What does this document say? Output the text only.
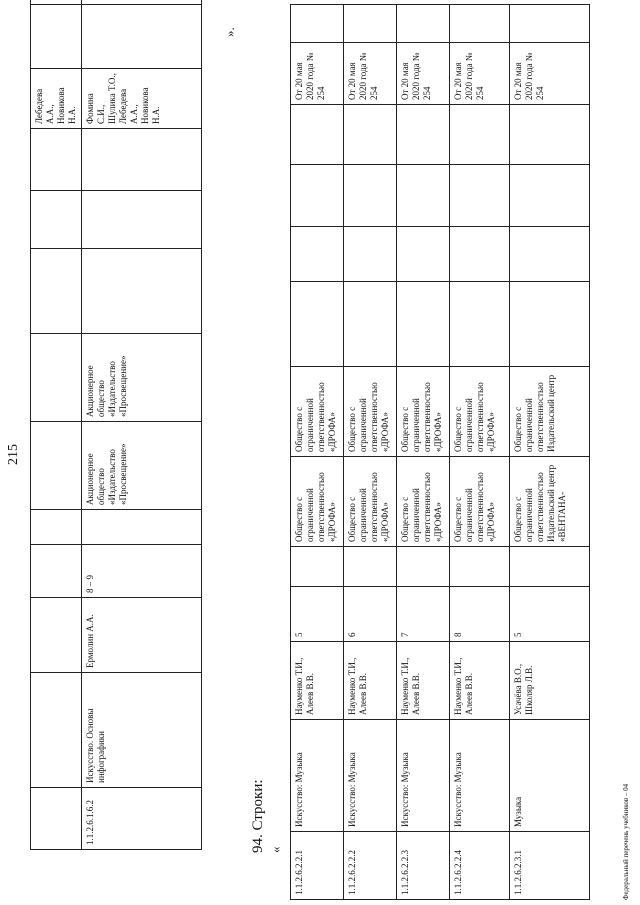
215
										Лебедева А.А., Новикова Н.А.		
1.1.2.6.1.6.2	Искусство. Основы инфографики	Ермолин А.А.	8 – 9		Акционерное общество «Издательство «Просвещение»	Акционерное общество «Издательство «Просвещение»				Фомина С.И., Шулика Т.О., Лебедева А.А., Новикова Н.А.		
».
94. Строки: «
1.1.2.6.2.2.1	Искусство: Музыка	Науменко Т.И., Алеев В.В.	5		Общество с ограниченной ответственностью «ДРОФА»	Общество с ограниченной ответственностью «ДРОФА»					От 20 мая 2020 года № 254	
1.1.2.6.2.2.2	Искусство: Музыка	Науменко Т.И., Алеев В.В.	6		Общество с ограниченной ответственностью «ДРОФА»	Общество с ограниченной ответственностью «ДРОФА»					От 20 мая 2020 года № 254	
1.1.2.6.2.2.3	Искусство: Музыка	Науменко Т.И., Алеев В.В.	7		Общество с ограниченной ответственностью «ДРОФА»	Общество с ограниченной ответственностью «ДРОФА»					От 20 мая 2020 года № 254	
1.1.2.6.2.2.4	Искусство: Музыка	Науменко Т.И., Алеев В.В.	8		Общество с ограниченной ответственностью «ДРОФА»	Общество с ограниченной ответственностью «ДРОФА»					От 20 мая 2020 года № 254	
1.1.2.6.2.3.1	Музыка	Усачёва В.О., Школяр Л.В.	5		Общество с ограниченной ответственностью Издательский центр «ВЕНТАНА-	Общество с ограниченной ответственностью Издательский центр					От 20 мая 2020 года № 254	
Федеральный перечень учебников – 04
